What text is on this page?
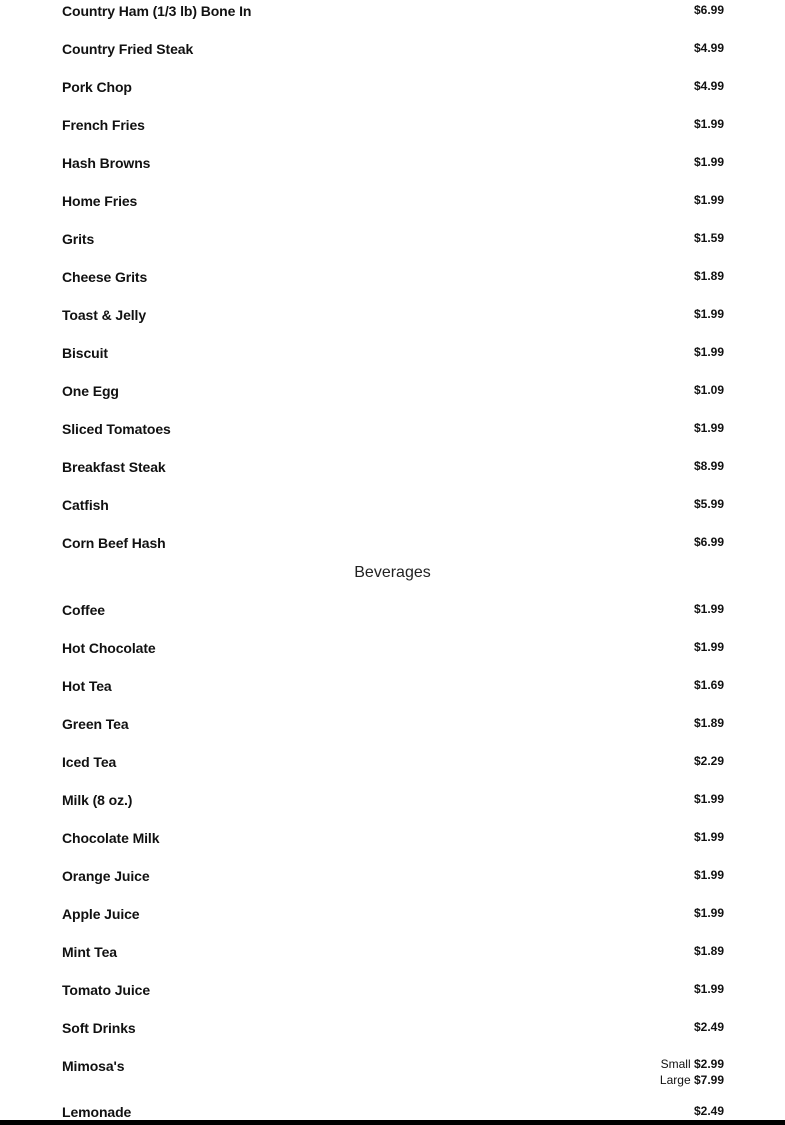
Country Ham (1/3 lb) Bone In	$6.99
Country Fried Steak	$4.99
Pork Chop	$4.99
French Fries	$1.99
Hash Browns	$1.99
Home Fries	$1.99
Grits	$1.59
Cheese Grits	$1.89
Toast & Jelly	$1.99
Biscuit	$1.99
One Egg	$1.09
Sliced Tomatoes	$1.99
Breakfast Steak	$8.99
Catfish	$5.99
Corn Beef Hash	$6.99
Beverages
Coffee	$1.99
Hot Chocolate	$1.99
Hot Tea	$1.69
Green Tea	$1.89
Iced Tea	$2.29
Milk (8 oz.)	$1.99
Chocolate Milk	$1.99
Orange Juice	$1.99
Apple Juice	$1.99
Mint Tea	$1.89
Tomato Juice	$1.99
Soft Drinks	$2.49
Mimosa's	Small $2.99
Large $7.99
Lemonade	$2.49
